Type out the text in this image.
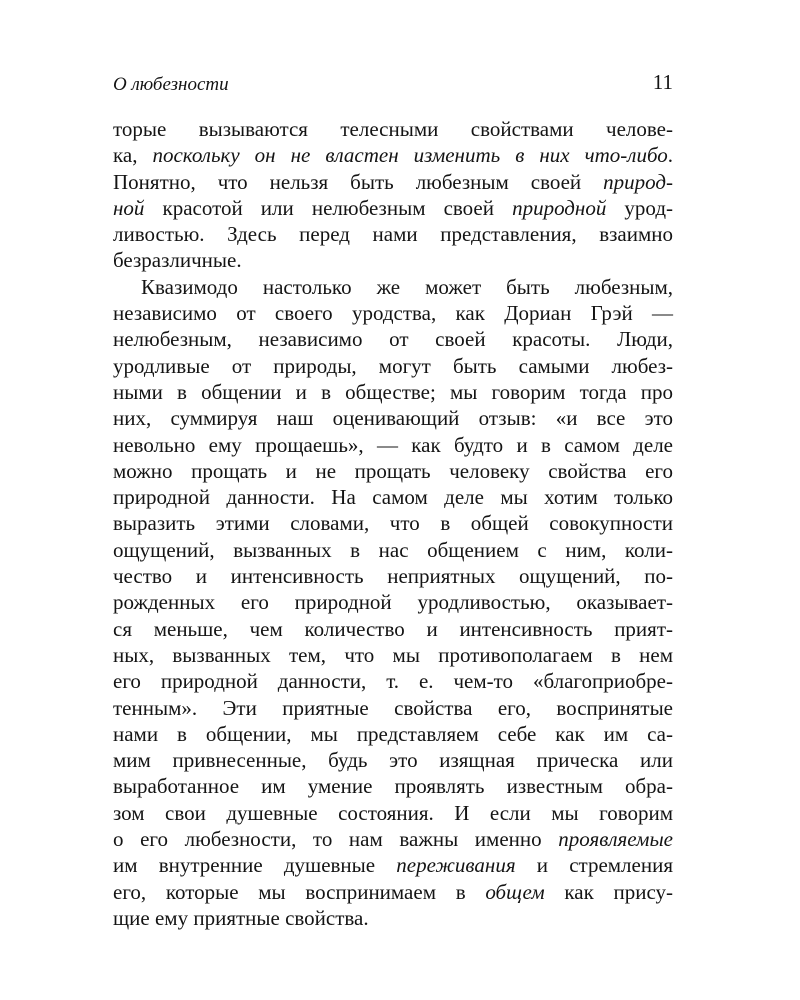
О любезности	11
торые вызываются телесными свойствами челове-
ка, поскольку он не властен изменить в них что-либо.
Понятно, что нельзя быть любезным своей природ-
ной красотой или нелюбезным своей природной урод-
ливостью. Здесь перед нами представления, взаимно
безразличные.
Квазимодо настолько же может быть любезным,
независимо от своего уродства, как Дориан Грэй —
нелюбезным, независимо от своей красоты. Люди,
уродливые от природы, могут быть самыми любез-
ными в общении и в обществе; мы говорим тогда про
них, суммируя наш оценивающий отзыв: «и все это
невольно ему прощаешь», — как будто и в самом деле
можно прощать и не прощать человеку свойства его
природной данности. На самом деле мы хотим только
выразить этими словами, что в общей совокупности
ощущений, вызванных в нас общением с ним, коли-
чество и интенсивность неприятных ощущений, по-
рожденных его природной уродливостью, оказывает-
ся меньше, чем количество и интенсивность прият-
ных, вызванных тем, что мы противополагаем в нем
его природной данности, т. е. чем-то «благоприобре-
тенным». Эти приятные свойства его, воспринятые
нами в общении, мы представляем себе как им са-
мим привнесенные, будь это изящная прическа или
выработанное им умение проявлять известным обра-
зом свои душевные состояния. И если мы говорим
о его любезности, то нам важны именно проявляемые
им внутренние душевные переживания и стремления
его, которые мы воспринимаем в общем как прису-
щие ему приятные свойства.
